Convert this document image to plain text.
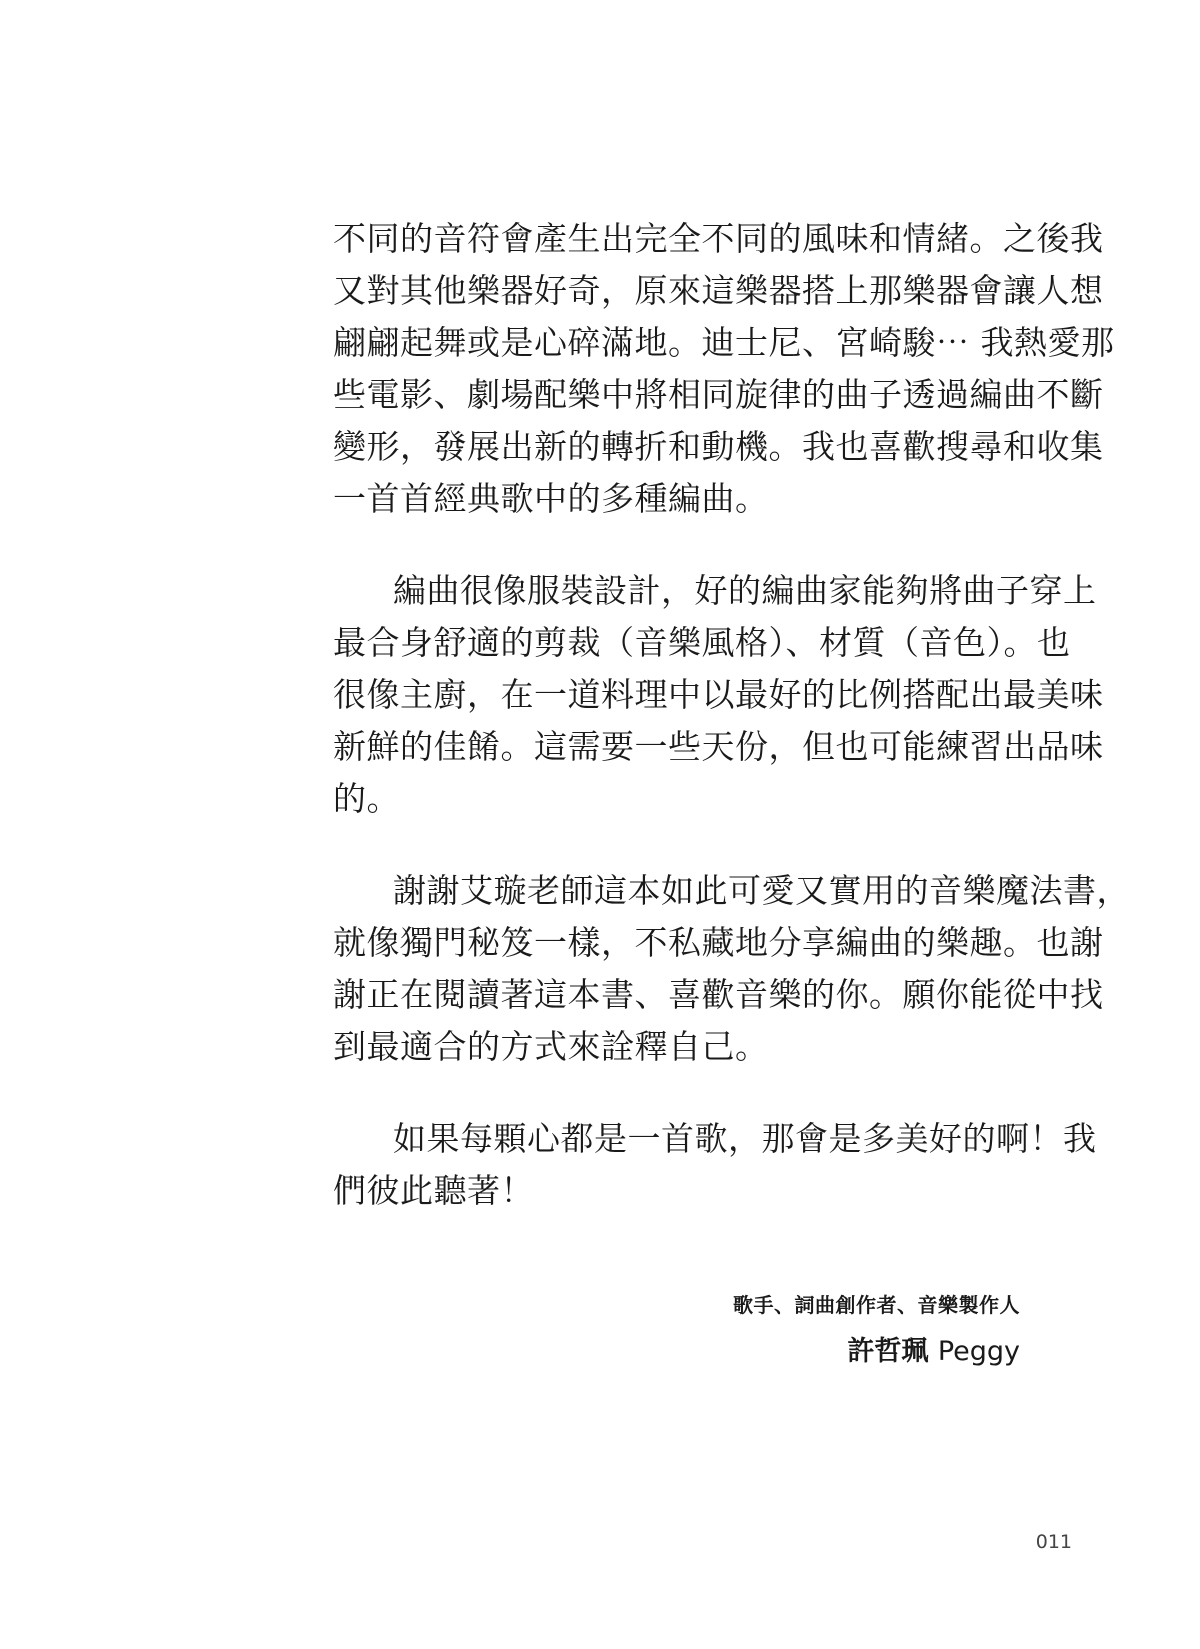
不同的音符會產生出完全不同的風味和情緒。之後我
又對其他樂器好奇，原來這樂器搭上那樂器會讓人想
翩翩起舞或是心碎滿地。迪士尼、宮崎駿⋯ 我熱愛那
些電影、劇場配樂中將相同旋律的曲子透過編曲不斷
變形，發展出新的轉折和動機。我也喜歡搜尋和收集
一首首經典歌中的多種編曲。
編曲很像服裝設計，好的編曲家能夠將曲子穿上
最合身舒適的剪裁（音樂風格）、材質（音色）。也
很像主廚，在一道料理中以最好的比例搭配出最美味
新鮮的佳餚。這需要一些天份，但也可能練習出品味
的。
謝謝艾璇老師這本如此可愛又實用的音樂魔法書，
就像獨門秘笈一樣，不私藏地分享編曲的樂趣。也謝
謝正在閱讀著這本書、喜歡音樂的你。願你能從中找
到最適合的方式來詮釋自己。
如果每顆心都是一首歌，那會是多美好的啊！我
們彼此聽著！
歌手、詞曲創作者、音樂製作人
許哲珮 Peggy
011
